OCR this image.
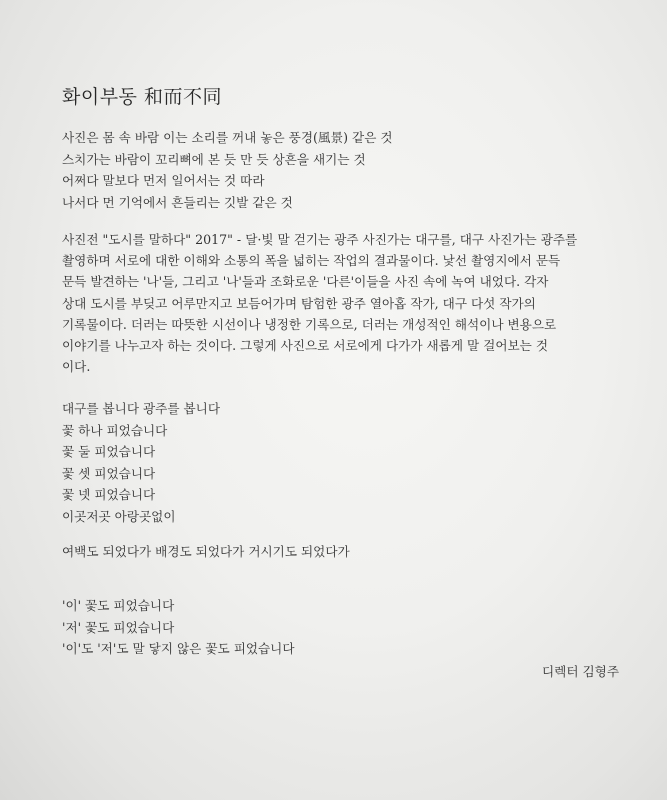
화이부동 和而不同
사진은 몸 속 바람 이는 소리를 꺼내 놓은 풍경(風景) 같은 것
스치가는 바람이 꼬리뼈에 본 듯 만 듯 상흔을 새기는 것
어쩌다 말보다 먼저 일어서는 것 따라
나서다 먼 기억에서 흔들리는 깃발 같은 것
사진전 "도시를 말하다" 2017" - 달·빛 말 걷기는 광주 사진가는 대구를, 대구 사진가는 광주를
촬영하며 서로에 대한 이해와 소통의 폭을 넓히는 작업의 결과물이다. 낯선 촬영지에서 문득
문득 발견하는 '나'들, 그리고 '나'들과 조화로운 '다른'이들을 사진 속에 녹여 내었다. 각자
상대 도시를 부딪고 어루만지고 보듬어가며 탐험한 광주 열아홉 작가, 대구 다섯 작가의
기록물이다. 더러는 따뜻한 시선이나 냉정한 기록으로, 더러는 개성적인 해석이나 변용으로
이야기를 나누고자 하는 것이다. 그렇게 사진으로 서로에게 다가가 새롭게 말 걸어보는 것
이다.
대구를 봅니다 광주를 봅니다
꽃 하나 피었습니다
꽃 둘 피었습니다
꽃 셋 피었습니다
꽃 넷 피었습니다
이곳저곳 아랑곳없이
여백도 되었다가 배경도 되었다가 거시기도 되었다가
'이' 꽃도 피었습니다
'저' 꽃도 피었습니다
'이'도 '저'도 말 닿지 않은 꽃도 피었습니다
디렉터 김형주
